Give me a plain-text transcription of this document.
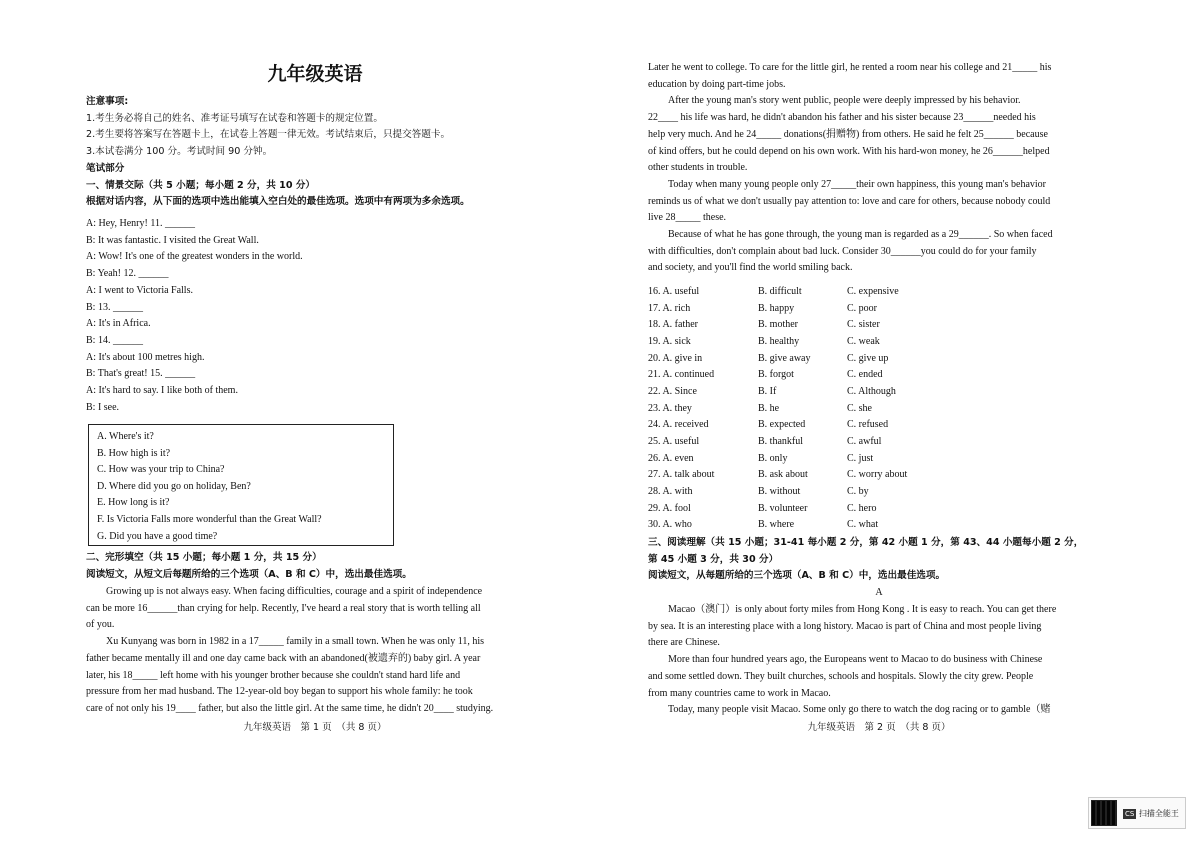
九年级英语
注意事项:
1.考生务必将自己的姓名、准考证号填写在试卷和答题卡的规定位置。
2.考生要将答案写在答题卡上，在试卷上答题一律无效。考试结束后，只提交答题卡。
3.本试卷满分 100 分。考试时间 90 分钟。
笔试部分
一、情景交际（共 5 小题；每小题 2 分，共 10 分）
根据对话内容，从下面的选项中选出能填入空白处的最佳选项。选项中有两项为多余选项。
A: Hey, Henry! 11. ______
B: It was fantastic. I visited the Great Wall.
A: Wow! It's one of the greatest wonders in the world.
B: Yeah! 12. ______
A: I went to Victoria Falls.
B: 13. ______
A: It's in Africa.
B: 14. ______
A: It's about 100 metres high.
B: That's great! 15. ______
A: It's hard to say. I like both of them.
B: I see.
A. Where's it?
B. How high is it?
C. How was your trip to China?
D. Where did you go on holiday, Ben?
E. How long is it?
F. Is Victoria Falls more wonderful than the Great Wall?
G. Did you have a good time?
二、完形填空（共 15 小题；每小题 1 分，共 15 分）
阅读短文，从短文后每题所给的三个选项（A、B 和 C）中，选出最佳选项。
Growing up is not always easy. When facing difficulties, courage and a spirit of independence
can be more 16______than crying for help. Recently, I've heard a real story that is worth telling all
of you.
Xu Kunyang was born in 1982 in a 17_____ family in a small town. When he was only 11, his
father became mentally ill and one day came back with an abandoned(被遗弃的) baby girl. A year
later, his 18_____ left home with his younger brother because she couldn't stand hard life and
pressure from her mad husband. The 12-year-old boy began to support his whole family: he took
care of not only his 19____ father, but also the little girl. At the same time, he didn't 20____ studying.
九年级英语　第 1 页　（共 8 页）
Later he went to college. To care for the little girl, he rented a room near his college and 21_____ his
education by doing part-time jobs.
After the young man's story went public, people were deeply impressed by his behavior.
22____ his life was hard, he didn't abandon his father and his sister because 23______needed his
help very much. And he 24_____ donations(捐赠物) from others. He said he felt 25______ because
of kind offers, but he could depend on his own work. With his hard-won money, he 26______helped
other students in trouble.
Today when many young people only 27_____their own happiness, this young man's behavior
reminds us of what we don't usually pay attention to: love and care for others, because nobody could
live 28_____ these.
Because of what he has gone through, the young man is regarded as a 29______. So when faced
with difficulties, don't complain about bad luck. Consider 30______you could do for your family
and society, and you'll find the world smiling back.
16. A. useful	B. difficult	C. expensive
17. A. rich	B. happy	C. poor
18. A. father	B. mother	C. sister
19. A. sick	B. healthy	C. weak
20. A. give in	B. give away	C. give up
21. A. continued	B. forgot	C. ended
22. A. Since	B. If	C. Although
23. A. they	B. he	C. she
24. A. received	B. expected	C. refused
25. A. useful	B. thankful	C. awful
26. A. even	B. only	C. just
27. A. talk about	B. ask about	C. worry about
28. A. with	B. without	C. by
29. A. fool	B. volunteer	C. hero
30. A. who	B. where	C. what
三、阅读理解（共 15 小题；31-41 每小题 2 分，第 42 小题 1 分，第 43、44 小题每小题 2 分，
第 45 小题 3 分，共 30 分）
阅读短文，从每题所给的三个选项（A、B 和 C）中，选出最佳选项。
A
Macao（澳门）is only about forty miles from Hong Kong . It is easy to reach. You can get there
by sea. It is an interesting place with a long history. Macao is part of China and most people living
there are Chinese.
More than four hundred years ago, the Europeans went to Macao to do business with Chinese
and some settled down. They built churches, schools and hospitals. Slowly the city grew. People
from many countries came to work in Macao.
Today, many people visit Macao. Some only go there to watch the dog racing or to gamble（赌
九年级英语　第 2 页　（共 8 页）
CS 扫描全能王
